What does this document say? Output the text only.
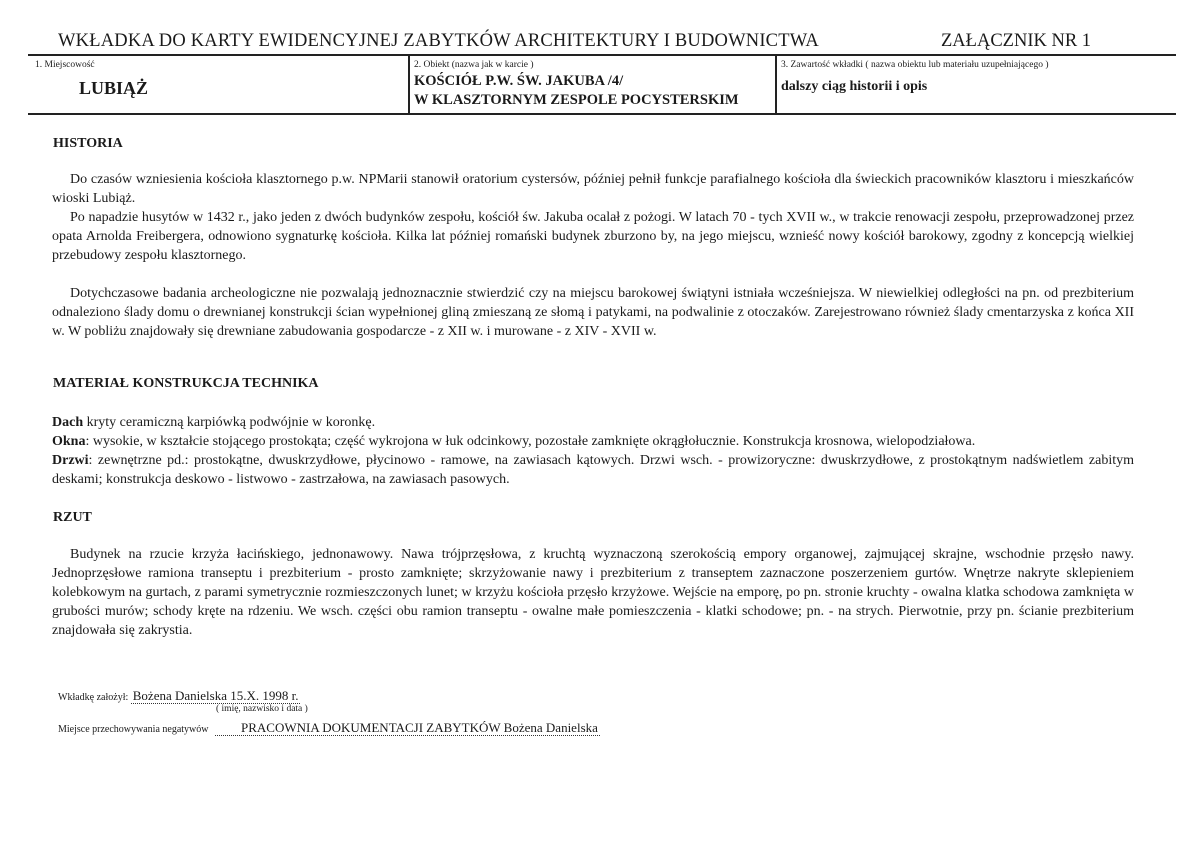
WKŁADKA DO KARTY EWIDENCYJNEJ ZABYTKÓW ARCHITEKTURY I BUDOWNICTWA	ZAŁĄCZNIK NR 1
1. Miejscowość
LUBIĄŻ
2. Obiekt (nazwa jak w karcie )
KOŚCIÓŁ P.W. ŚW. JAKUBA /4/
W KLASZTORNYM ZESPOLE POCYSTERSKIM
3. Zawartość wkładki ( nazwa obiektu lub materiału uzupełniającego )
dalszy ciąg historii i opis
HISTORIA

Do czasów wzniesienia kościoła klasztornego p.w. NPMarii stanowił oratorium cystersów, później pełnił funkcje parafialnego kościoła dla świeckich pracowników klasztoru i mieszkańców wioski Lubiąż.

Po napadzie husytów w 1432 r., jako jeden z dwóch budynków zespołu, kościół św. Jakuba ocalał z pożogi. W latach 70 - tych XVII w., w trakcie renowacji zespołu, przeprowadzonej przez opata Arnolda Freibergera, odnowiono sygnaturkę kościoła. Kilka lat później romański budynek zburzono by, na jego miejscu, wznieść nowy kościół barokowy, zgodny z koncepcją wielkiej przebudowy zespołu klasztornego.

Dotychczasowe badania archeologiczne nie pozwalają jednoznacznie stwierdzić czy na miejscu barokowej świątyni istniała wcześniejsza. W niewielkiej odległości na pn. od prezbiterium odnaleziono ślady domu o drewnianej konstrukcji ścian wypełnionej gliną zmieszaną ze słomą i patykami, na podwalinie z otoczaków. Zarejestrowano również ślady cmentarzyska z końca XII w. W pobliżu znajdowały się drewniane zabudowania gospodarcze - z XII w. i murowane - z XIV - XVII w.

MATERIAŁ KONSTRUKCJA TECHNIKA

Dach kryty ceramiczną karpiówką podwójnie w koronkę.

Okna: wysokie, w kształcie stojącego prostokąta; część wykrojona w łuk odcinkowy, pozostałe zamknięte okrągłołucznie. Konstrukcja krosnowa, wielopodziałowa.

Drzwi: zewnętrzne pd.: prostokątne, dwuskrzydłowe, płycinowo - ramowe, na zawiasach kątowych. Drzwi wsch. - prowizoryczne: dwuskrzydłowe, z prostokątnym nadświetlem zabitym deskami; konstrukcja deskowo - listwowo - zastrzałowa, na zawiasach pasowych.

RZUT

Budynek na rzucie krzyża łacińskiego, jednonawowy. Nawa trójprzęsłowa, z kruchtą wyznaczoną szerokością empory organowej, zajmującej skrajne, wschodnie przęsło nawy. Jednoprzęsłowe ramiona transeptu i prezbiterium - prosto zamknięte; skrzyżowanie nawy i prezbiterium z transeptem zaznaczone poszerzeniem gurtów. Wnętrze nakryte sklepieniem kolebkowym na gurtach, z parami symetrycznie rozmieszczonych lunet; w krzyżu kościoła przęsło krzyżowe. Wejście na emporę, po pn. stronie kruchty - owalna klatka schodowa zamknięta w grubości murów; schody kręte na rdzeniu. We wsch. części obu ramion transeptu - owalne małe pomieszczenia - klatki schodowe; pn. - na strych. Pierwotnie, przy pn. ścianie prezbiterium znajdowała się zakrystia.

Wkładkę założył: Bożena Danielska 15.X. 1998 r.
( imię, nazwisko i data )
Miejsce przechowywania negatywów	PRACOWNIA DOKUMENTACJI ZABYTKÓW Bożena Danielska
